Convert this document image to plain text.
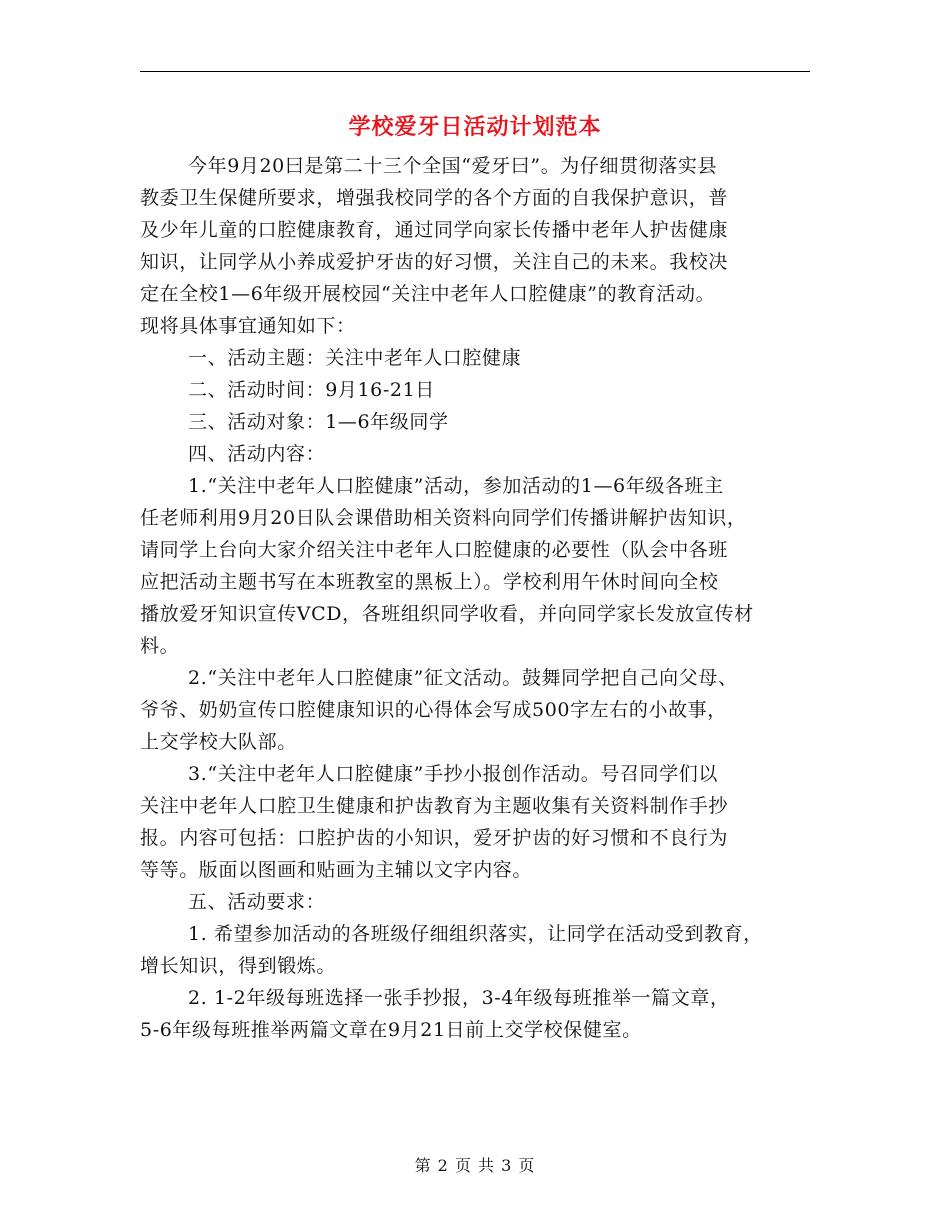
学校爱牙日活动计划范本
今年9月20曰是第二十三个全国“爱牙曰”。为仔细贯彻落实县
教委卫生保健所要求，增强我校同学的各个方面的自我保护意识，普
及少年儿童的口腔健康教育，通过同学向家长传播中老年人护齿健康
知识，让同学从小养成爱护牙齿的好习惯，关注自己的未来。我校决
定在全校1—6年级开展校园“关注中老年人口腔健康”的教育活动。
现将具体事宜通知如下：
一、活动主题：关注中老年人口腔健康
二、活动时间：9月16-21日
三、活动对象：1—6年级同学
四、活动内容：
1.“关注中老年人口腔健康”活动，参加活动的1—6年级各班主
任老师利用9月20日队会课借助相关资料向同学们传播讲解护齿知识，
请同学上台向大家介绍关注中老年人口腔健康的必要性（队会中各班
应把活动主题书写在本班教室的黑板上）。学校利用午休时间向全校
播放爱牙知识宣传VCD，各班组织同学收看，并向同学家长发放宣传材
料。
2.“关注中老年人口腔健康”征文活动。鼓舞同学把自己向父母、
爷爷、奶奶宣传口腔健康知识的心得体会写成500字左右的小故事，
上交学校大队部。
3.“关注中老年人口腔健康”手抄小报创作活动。号召同学们以
关注中老年人口腔卫生健康和护齿教育为主题收集有关资料制作手抄
报。内容可包括：口腔护齿的小知识，爱牙护齿的好习惯和不良行为
等等。版面以图画和贴画为主辅以文字内容。
五、活动要求：
1. 希望参加活动的各班级仔细组织落实，让同学在活动受到教育，
增长知识，得到锻炼。
2. 1-2年级每班选择一张手抄报，3-4年级每班推举一篇文章，
5-6年级每班推举两篇文章在9月21日前上交学校保健室。
第 2 页 共 3 页
